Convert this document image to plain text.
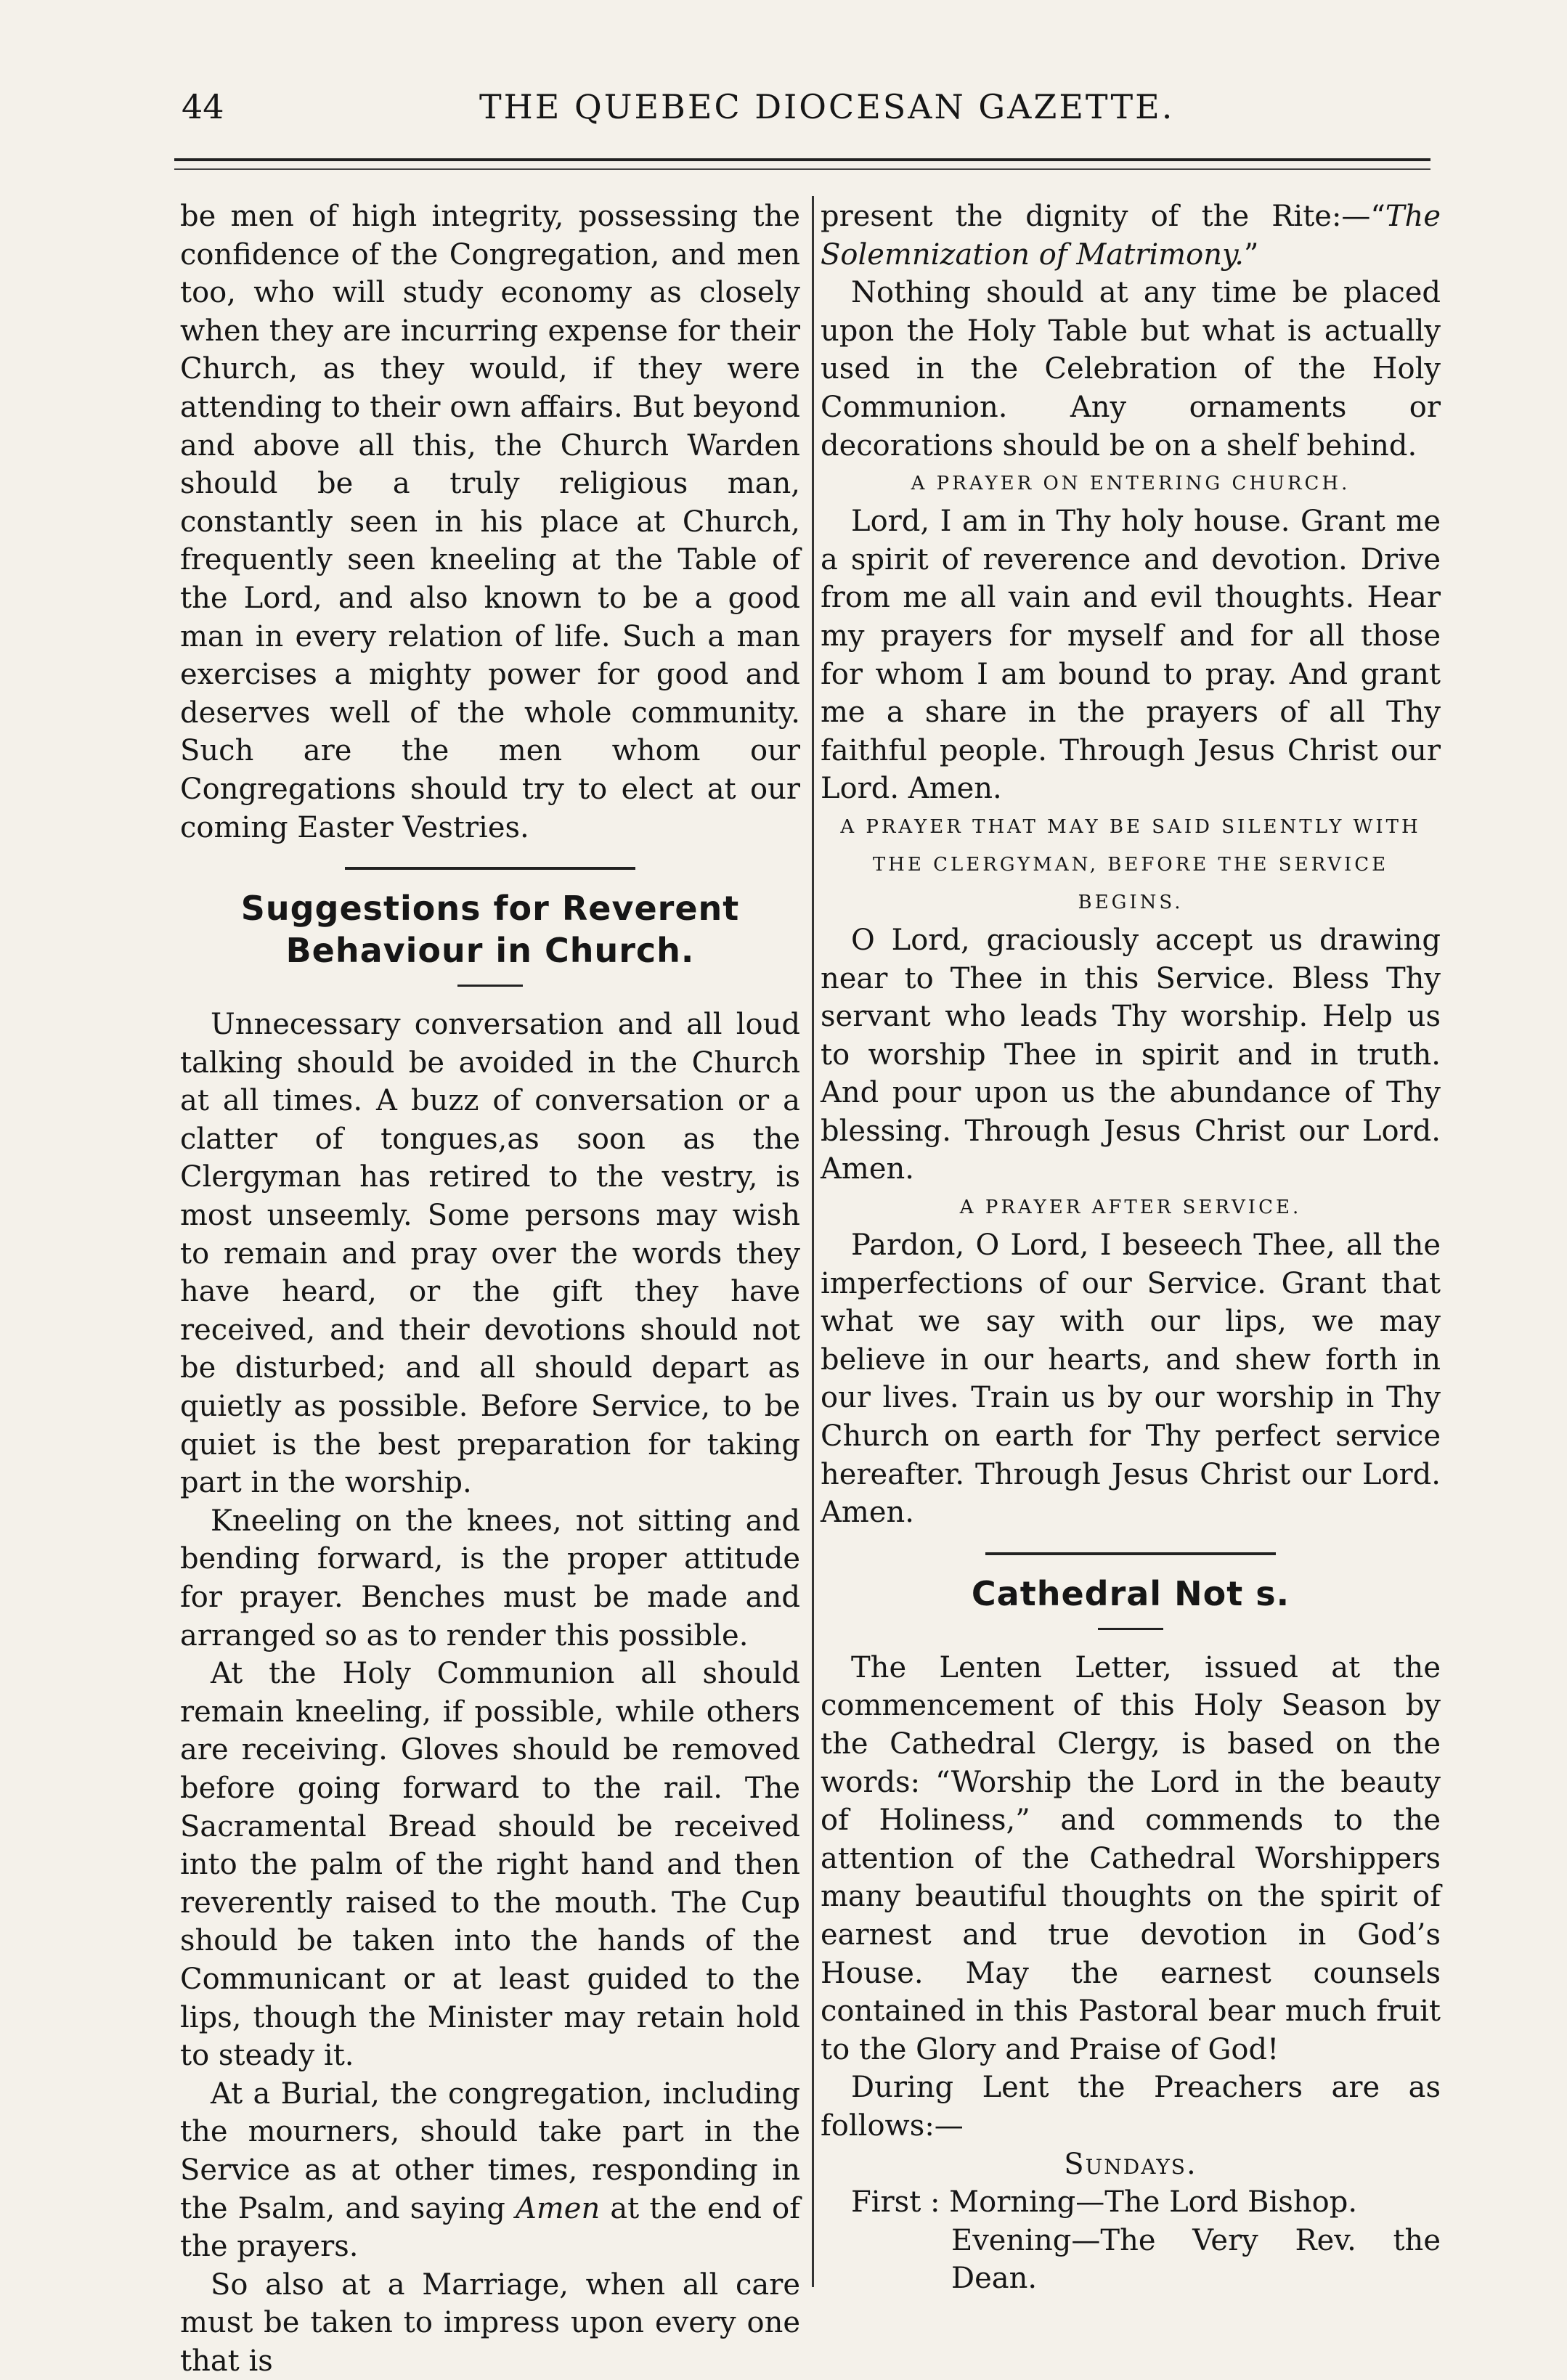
44	THE QUEBEC DIOCESAN GAZETTE.

be men of high integrity, possessing the confidence of the Congregation, and men too, who will study economy as closely when they are incurring expense for their Church, as they would, if they were attending to their own affairs. But beyond and above all this, the Church Warden should be a truly religious man, constantly seen in his place at Church, frequently seen kneeling at the Table of the Lord, and also known to be a good man in every relation of life. Such a man exercises a mighty power for good and deserves well of the whole community. Such are the men whom our Congregations should try to elect at our coming Easter Vestries.

Suggestions for Reverent Behaviour in Church.

Unnecessary conversation and all loud talking should be avoided in the Church at all times. A buzz of conversation or a clatter of tongues,as soon as the Clergyman has retired to the vestry, is most unseemly. Some persons may wish to remain and pray over the words they have heard, or the gift they have received, and their devotions should not be disturbed; and all should depart as quietly as possible. Before Service, to be quiet is the best preparation for taking part in the worship.

Kneeling on the knees, not sitting and bending forward, is the proper attitude for prayer. Benches must be made and arranged so as to render this possible.

At the Holy Communion all should remain kneeling, if possible, while others are receiving. Gloves should be removed before going forward to the rail. The Sacramental Bread should be received into the palm of the right hand and then reverently raised to the mouth. The Cup should be taken into the hands of the Communicant or at least guided to the lips, though the Minister may retain hold to steady it.

At a Burial, the congregation, including the mourners, should take part in the Service as at other times, responding in the Psalm, and saying Amen at the end of the prayers.

So also at a Marriage, when all care must be taken to impress upon every one that is

present the dignity of the Rite:—“The Solemnization of Matrimony.”

Nothing should at any time be placed upon the Holy Table but what is actually used in the Celebration of the Holy Communion. Any ornaments or decorations should be on a shelf behind.

A PRAYER ON ENTERING CHURCH.

Lord, I am in Thy holy house. Grant me a spirit of reverence and devotion. Drive from me all vain and evil thoughts. Hear my prayers for myself and for all those for whom I am bound to pray. And grant me a share in the prayers of all Thy faithful people. Through Jesus Christ our Lord. Amen.

A PRAYER THAT MAY BE SAID SILENTLY WITH THE CLERGYMAN, BEFORE THE SERVICE BEGINS.

O Lord, graciously accept us drawing near to Thee in this Service. Bless Thy servant who leads Thy worship. Help us to worship Thee in spirit and in truth. And pour upon us the abundance of Thy blessing. Through Jesus Christ our Lord. Amen.

A PRAYER AFTER SERVICE.

Pardon, O Lord, I beseech Thee, all the imperfections of our Service. Grant that what we say with our lips, we may believe in our hearts, and shew forth in our lives. Train us by our worship in Thy Church on earth for Thy perfect service hereafter. Through Jesus Christ our Lord. Amen.

Cathedral Not s.

The Lenten Letter, issued at the commencement of this Holy Season by the Cathedral Clergy, is based on the words: “Worship the Lord in the beauty of Holiness,” and commends to the attention of the Cathedral Worshippers many beautiful thoughts on the spirit of earnest and true devotion in God’s House. May the earnest counsels contained in this Pastoral bear much fruit to the Glory and Praise of God!

During Lent the Preachers are as follows:—

Sundays.

First : Morning—The Lord Bishop.

Evening—The Very Rev. the Dean.
